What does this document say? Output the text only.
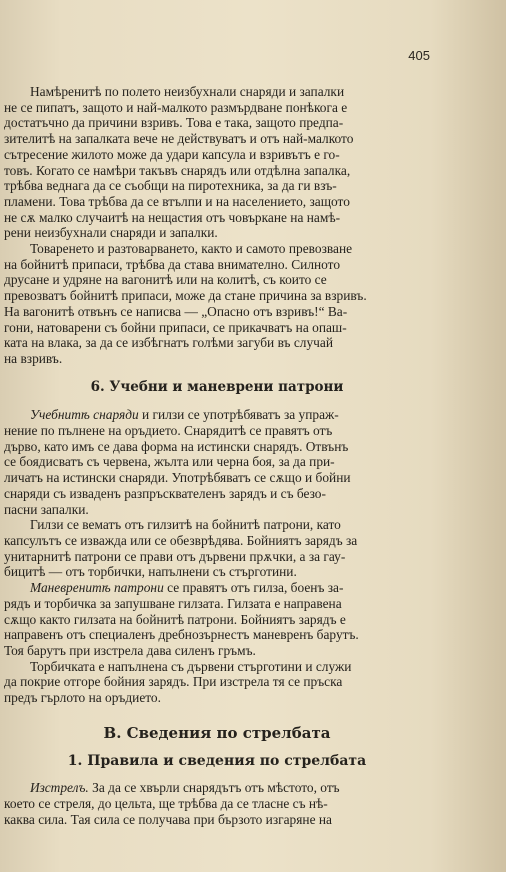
405

Намѣренитѣ по полето неизбухнали снаряди и запалки
не се пипатъ, защото и най-малкото размърдване понѣкога е
достатъчно да причини взривъ. Това е така, защото предпа-
зителитѣ на запалката вече не действуватъ и отъ най-малкото
сътресение жилото може да удари капсула и взривътъ е го-
товъ. Когато се намѣри такъвъ снарядъ или отдѣлна запалка,
трѣбва веднага да се съобщи на пиротехника, за да ги взъ-
пламени. Това трѣбва да се втълпи и на населението, защото
не сѫ малко случаитѣ на нещастия отъ човъркане на намѣ-
рени неизбухнали снаряди и запалки.

Товаренето и разтоварването, както и самото превозване
на бойнитѣ припаси, трѣбва да става внимателно. Силното
друсане и удряне на вагонитѣ или на колитѣ, съ които се
превозватъ бойнитѣ припаси, може да стане причина за взривъ.
На вагонитѣ отвънъ се написва — „Опасно отъ взривъ!“ Ва-
гони, натоварени съ бойни припаси, се прикачватъ на опаш-
ката на влака, за да се избѣгнатъ голѣми загуби въ случай
на взривъ.

6. Учебни и маневрени патрони

Учебнитѣ снаряди и гилзи се употрѣбяватъ за упраж-
нение по пълнене на оръдието. Снарядитѣ се правятъ отъ
дърво, като имъ се дава форма на истински снарядъ. Отвънъ
се боядисватъ съ червена, жълта или черна боя, за да при-
личатъ на истински снаряди. Употрѣбяватъ се сѫщо и бойни
снаряди съ изваденъ разпръсквателенъ зарядъ и съ безо-
пасни запалки.

Гилзи се вематъ отъ гилзитѣ на бойнитѣ патрони, като
капсулътъ се изважда или се обезврѣдява. Бойниятъ зарядъ за
унитарнитѣ патрони се прави отъ дървени прѫчки, а за гау-
бицитѣ — отъ торбички, напълнени съ стърготини.

Маневренитѣ патрони се правятъ отъ гилза, боенъ за-
рядъ и торбичка за запушване гилзата. Гилзата е направена
сѫщо както гилзата на бойнитѣ патрони. Бойниятъ зарядъ е
направенъ отъ специаленъ дребнозърнестъ маневренъ барутъ.
Тоя барутъ при изстрела дава силенъ гръмъ.

Торбичката е напълнена съ дървени стърготини и служи
да покрие отгоре бойния зарядъ. При изстрела тя се пръска
предъ гърлото на оръдието.

В. Сведения по стрелбата
1. Правила и сведения по стрелбата

Изстрелъ. За да се хвърли снарядътъ отъ мѣстото, отъ
което се стреля, до цельта, ще трѣбва да се тласне съ нѣ-
каква сила. Тая сила се получава при бързото изгаряне на
